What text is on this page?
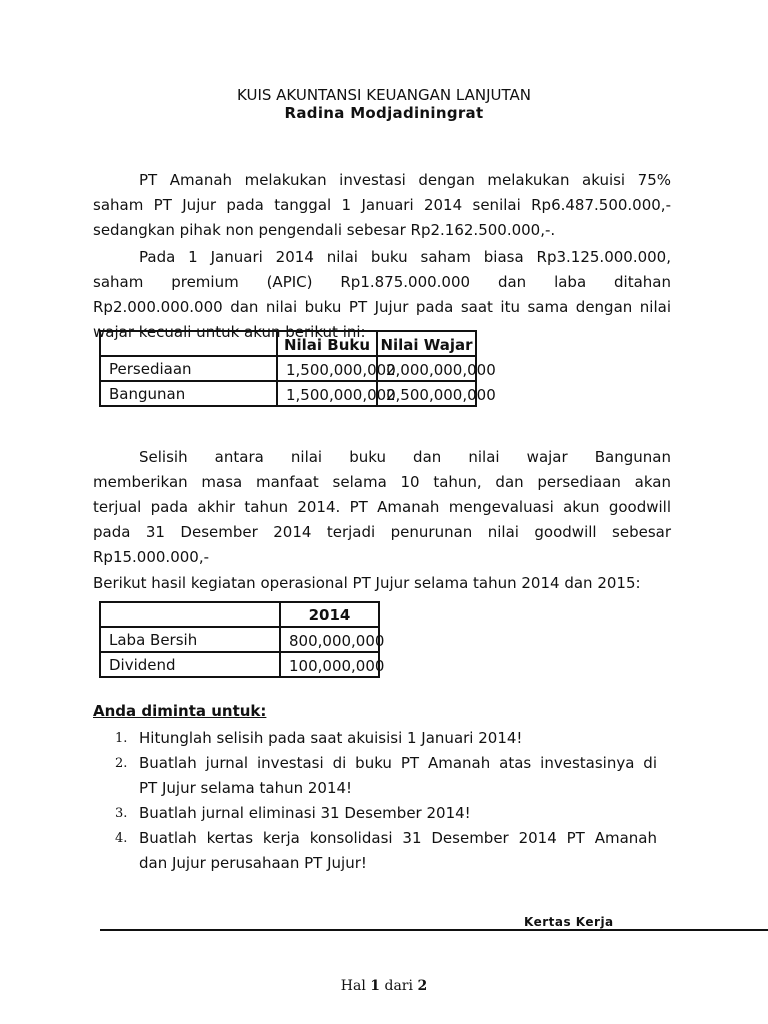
KUIS AKUNTANSI KEUANGAN LANJUTAN
Radina Modjadiningrat
PT Amanah melakukan investasi dengan melakukan akuisi 75%
saham PT Jujur pada tanggal 1 Januari 2014 senilai Rp6.487.500.000,-
sedangkan pihak non pengendali sebesar Rp2.162.500.000,-.
Pada 1 Januari 2014 nilai buku saham biasa Rp3.125.000.000,
saham premium (APIC) Rp1.875.000.000 dan laba ditahan
Rp2.000.000.000 dan nilai buku PT Jujur pada saat itu sama dengan nilai
wajar kecuali untuk akun berikut ini:

	Nilai Buku	Nilai Wajar

Persediaan	1,500,000,000	2,000,000,000

Bangunan	1,500,000,000	2,500,000,000
Selisih antara nilai buku dan nilai wajar Bangunan
memberikan masa manfaat selama 10 tahun, dan persediaan akan
terjual pada akhir tahun 2014. PT Amanah mengevaluasi akun goodwill
pada 31 Desember 2014 terjadi penurunan nilai goodwill sebesar
Rp15.000.000,-
Berikut hasil kegiatan operasional PT Jujur selama tahun 2014 dan 2015:
	2014
Laba Bersih	800,000,000

Dividend	100,000,000
Anda diminta untuk:
1. Hitunglah selisih pada saat akuisisi 1 Januari 2014!
2. Buatlah jurnal investasi di buku PT Amanah atas investasinya di
PT Jujur selama tahun 2014!
3. Buatlah jurnal eliminasi 31 Desember 2014!
4. Buatlah kertas kerja konsolidasi 31 Desember 2014 PT Amanah
dan Jujur perusahaan PT Jujur!
Kertas Kerja
Hal 1 dari 2
